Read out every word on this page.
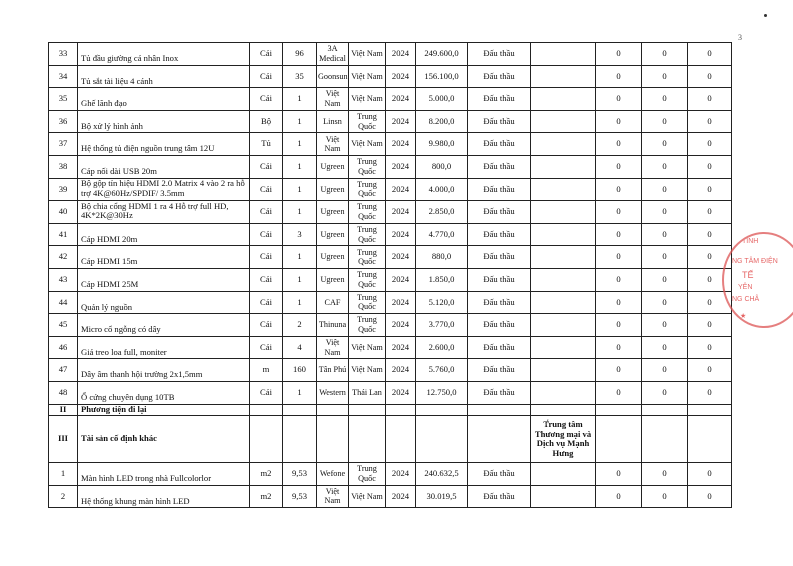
3
33	Tủ đầu giường cá nhân Inox	Cái	96	3A Medical	Việt Nam	2024	249.600,0	Đấu thầu		0	0	0
34	Tủ sắt tài liệu 4 cánh	Cái	35	Goonsun	Việt Nam	2024	156.100,0	Đấu thầu		0	0	0
35	Ghế lãnh đạo	Cái	1	Việt Nam	Việt Nam	2024	5.000,0	Đấu thầu		0	0	0
36	Bộ xử lý hình ảnh	Bộ	1	Linsn	Trung Quốc	2024	8.200,0	Đấu thầu		0	0	0
37	Hệ thống tủ điện nguồn trung tâm 12U	Tủ	1	Việt Nam	Việt Nam	2024	9.980,0	Đấu thầu		0	0	0
38	Cáp nối dài USB 20m	Cái	1	Ugreen	Trung Quốc	2024	800,0	Đấu thầu		0	0	0
39	Bộ gộp tín hiệu HDMI 2.0 Matrix 4 vào 2 ra hỗ trợ 4K@60Hz/SPDIF/ 3.5mm	Cái	1	Ugreen	Trung Quốc	2024	4.000,0	Đấu thầu		0	0	0
40	Bộ chia cổng HDMI 1 ra 4 Hỗ trợ full HD, 4K*2K@30Hz	Cái	1	Ugreen	Trung Quốc	2024	2.850,0	Đấu thầu		0	0	0
41	Cáp HDMI 20m	Cái	3	Ugreen	Trung Quốc	2024	4.770,0	Đấu thầu		0	0	0
42	Cáp HDMI 15m	Cái	1	Ugreen	Trung Quốc	2024	880,0	Đấu thầu		0	0	0
43	Cáp HDMI 25M	Cái	1	Ugreen	Trung Quốc	2024	1.850,0	Đấu thầu		0	0	0
44	Quản lý nguồn	Cái	1	CAF	Trung Quốc	2024	5.120,0	Đấu thầu		0	0	0
45	Micro cổ ngỗng có dây	Cái	2	Thinuna	Trung Quốc	2024	3.770,0	Đấu thầu		0	0	0
46	Giá treo loa full, moniter	Cái	4	Việt Nam	Việt Nam	2024	2.600,0	Đấu thầu		0	0	0
47	Dây âm thanh hội trường 2x1,5mm	m	160	Tân Phú	Việt Nam	2024	5.760,0	Đấu thầu		0	0	0
48	Ổ cứng chuyên dụng 10TB	Cái	1	Western	Thái Lan	2024	12.750,0	Đấu thầu		0	0	0
II	Phương tiện đi lại											
III	Tài sản cố định khác								Trung tâm Thương mại và Dịch vụ Mạnh Hưng			
1	Màn hình LED trong nhà Fullcolorlor	m2	9,53	Wefone	Trung Quốc	2024	240.632,5	Đấu thầu		0	0	0
2	Hệ thống khung màn hình LED	m2	9,53	Việt Nam	Việt Nam	2024	30.019,5	Đấu thầu		0	0	0
TỈNH
NG TÂM ĐIỆN
TẾ
YÊN
NG CHÂ
★
